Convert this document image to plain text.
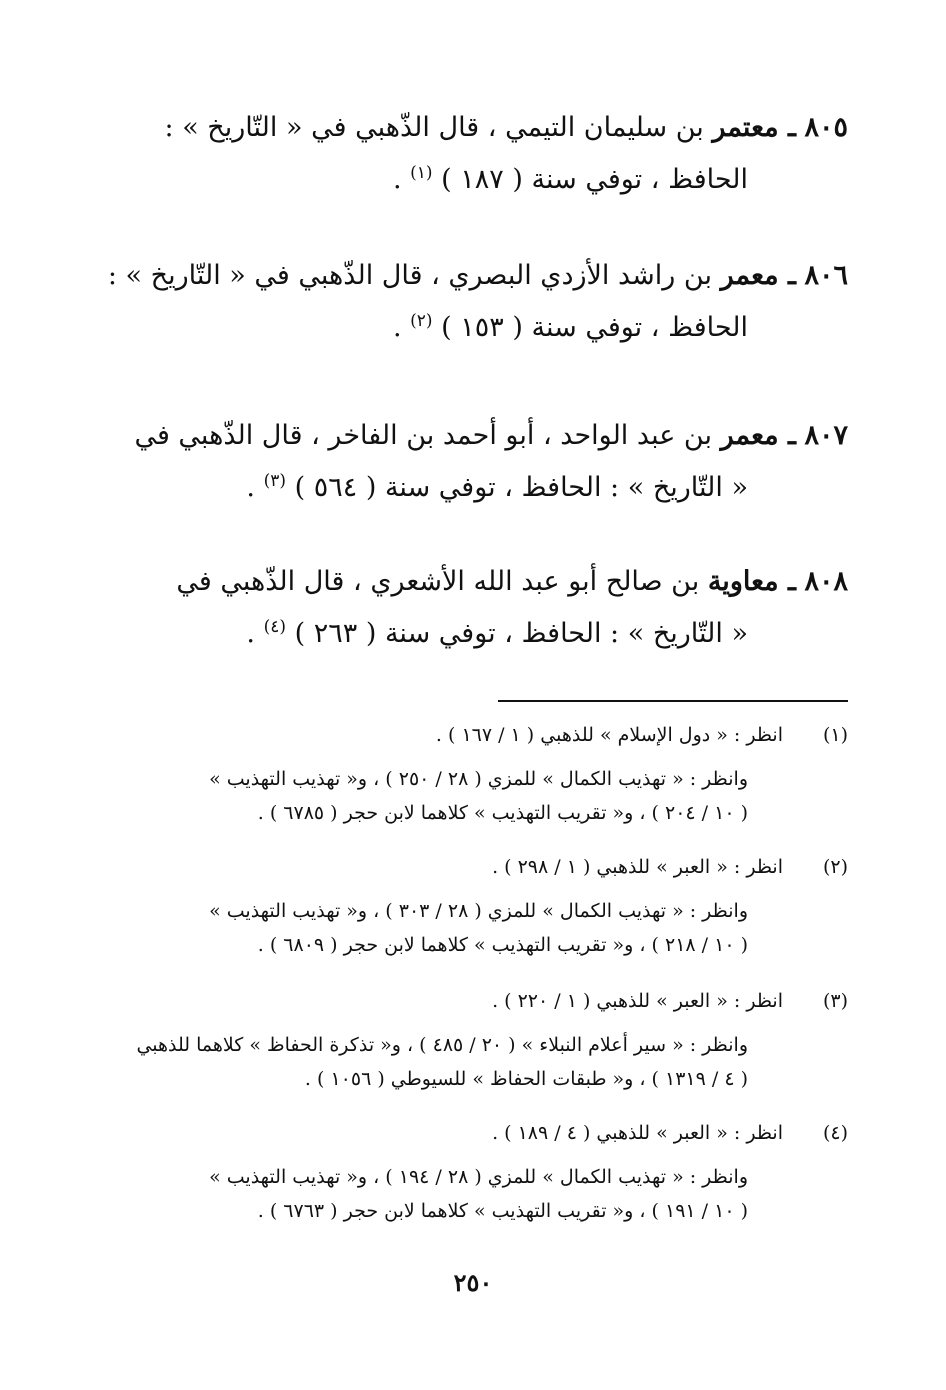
٨٠٥ ـ معتمر بن سليمان التيمي ، قال الذّهبي في « التّاريخ » :
الحافظ ، توفي سنة ( ١٨٧ ) $^{(١)}$ .
٨٠٦ ـ معمر بن راشد الأزدي البصري ، قال الذّهبي في « التّاريخ » :
الحافظ ، توفي سنة ( ١٥٣ ) $^{(٢)}$ .
٨٠٧ ـ معمر بن عبد الواحد ، أبو أحمد بن الفاخر ، قال الذّهبي في
« التّاريخ » : الحافظ ، توفي سنة ( ٥٦٤ ) $^{(٣)}$ .
٨٠٨ ـ معاوية بن صالح أبو عبد الله الأشعري ، قال الذّهبي في
« التّاريخ » : الحافظ ، توفي سنة ( ٢٦٣ ) $^{(٤)}$ .
(١)انظر : « دول الإسلام » للذهبي ( ١ / ١٦٧ ) .
وانظر : « تهذيب الكمال » للمزي ( ٢٨ / ٢٥٠ ) ، و« تهذيب التهذيب »
( ١٠ / ٢٠٤ ) ، و« تقريب التهذيب » كلاهما لابن حجر ( ٦٧٨٥ ) .
(٢)انظر : « العبر » للذهبي ( ١ / ٢٩٨ ) .
وانظر : « تهذيب الكمال » للمزي ( ٢٨ / ٣٠٣ ) ، و« تهذيب التهذيب »
( ١٠ / ٢١٨ ) ، و« تقريب التهذيب » كلاهما لابن حجر ( ٦٨٠٩ ) .
(٣)انظر : « العبر » للذهبي ( ١ / ٢٢٠ ) .
وانظر : « سير أعلام النبلاء » ( ٢٠ / ٤٨٥ ) ، و« تذكرة الحفاظ » كلاهما للذهبي
( ٤ / ١٣١٩ ) ، و« طبقات الحفاظ » للسيوطي ( ١٠٥٦ ) .
(٤)انظر : « العبر » للذهبي ( ٤ / ١٨٩ ) .
وانظر : « تهذيب الكمال » للمزي ( ٢٨ / ١٩٤ ) ، و« تهذيب التهذيب »
( ١٠ / ١٩١ ) ، و« تقريب التهذيب » كلاهما لابن حجر ( ٦٧٦٣ ) .
٢٥٠
